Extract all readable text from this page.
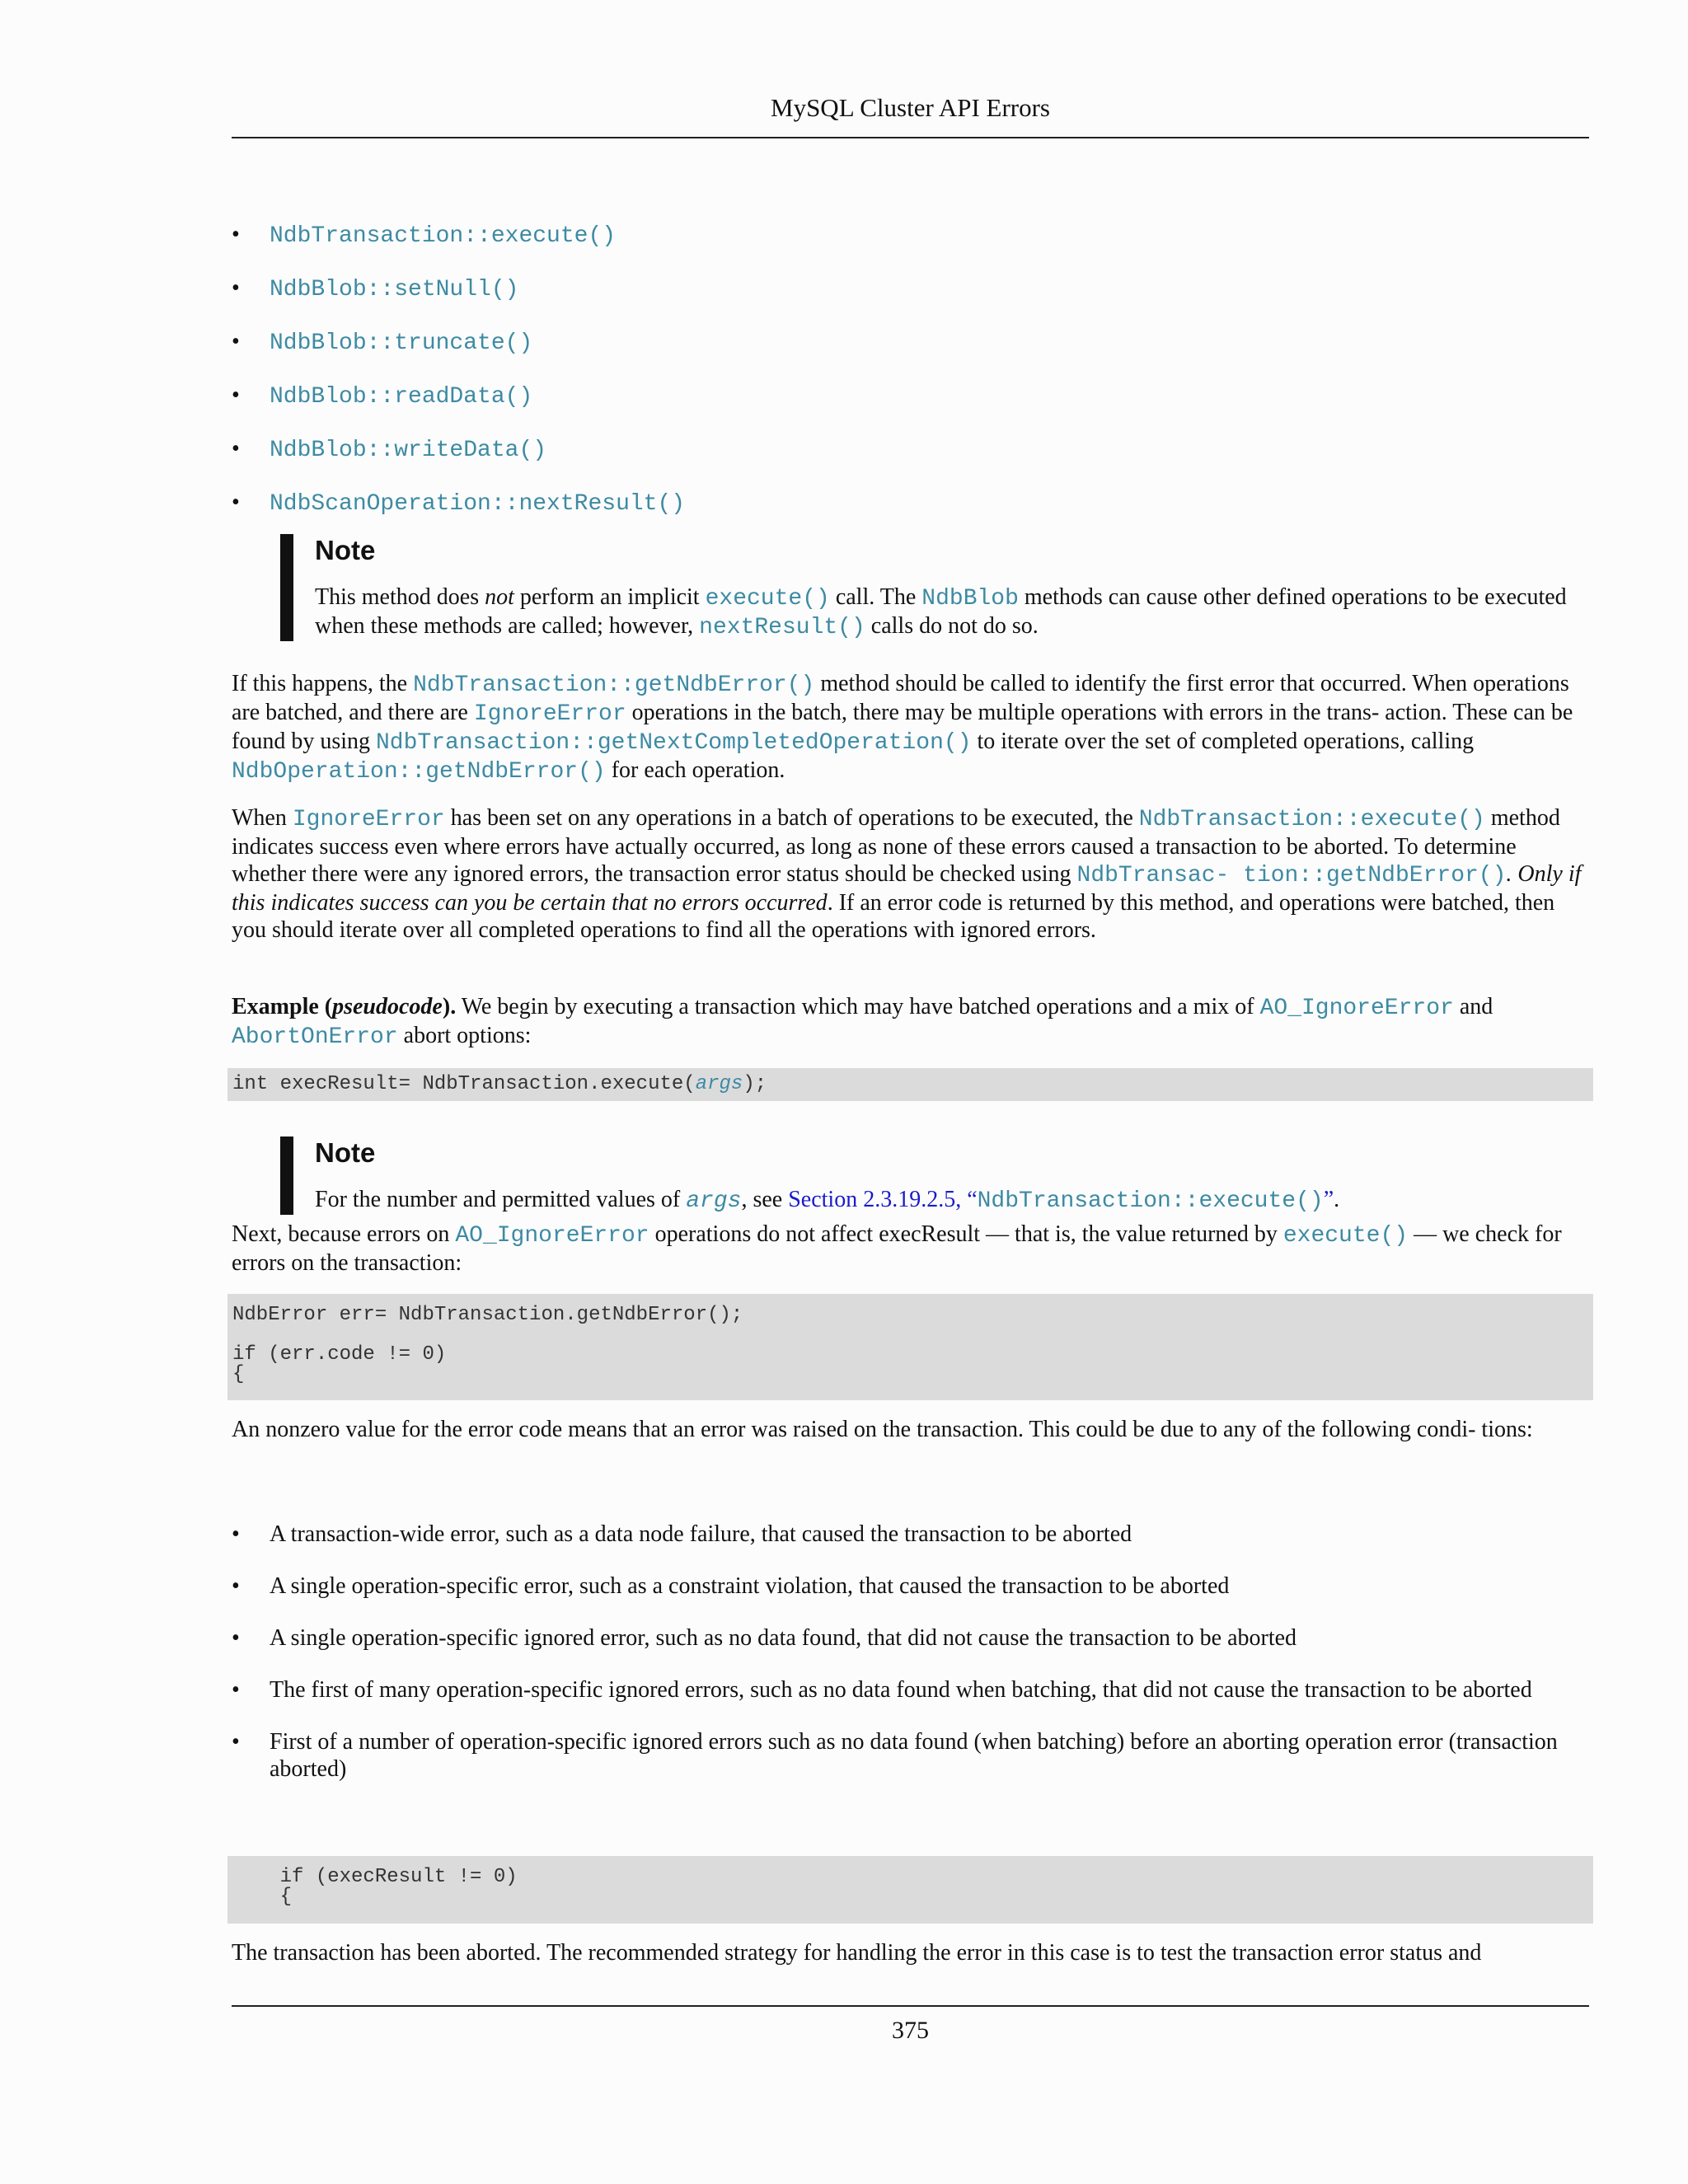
MySQL Cluster API Errors
• NdbTransaction::execute()
• NdbBlob::setNull()
• NdbBlob::truncate()
• NdbBlob::readData()
• NdbBlob::writeData()
• NdbScanOperation::nextResult()
Note
This method does not perform an implicit execute() call. The NdbBlob methods can cause other defined operations to be executed when these methods are called; however, nextResult() calls do not do so.

If this happens, the NdbTransaction::getNdbError() method should be called to identify the first error that occurred. When operations are batched, and there are IgnoreError operations in the batch, there may be multiple operations with errors in the trans- action. These can be found by using NdbTransaction::getNextCompletedOperation() to iterate over the set of completed operations, calling NdbOperation::getNdbError() for each operation.

When IgnoreError has been set on any operations in a batch of operations to be executed, the NdbTransaction::execute() method indicates success even where errors have actually occurred, as long as none of these errors caused a transaction to be aborted. To determine whether there were any ignored errors, the transaction error status should be checked using NdbTransac- tion::getNdbError(). Only if this indicates success can you be certain that no errors occurred. If an error code is returned by this method, and operations were batched, then you should iterate over all completed operations to find all the operations with ignored errors.

Example (pseudocode). We begin by executing a transaction which may have batched operations and a mix of AO_IgnoreError and AbortOnError abort options:

int execResult= NdbTransaction.execute(args);
Note
For the number and permitted values of args, see Section 2.3.19.2.5, “NdbTransaction::execute()”.

Next, because errors on AO_IgnoreError operations do not affect execResult — that is, the value returned by execute() — we check for errors on the transaction:

NdbError err= NdbTransaction.getNdbError();

if (err.code != 0)
{

An nonzero value for the error code means that an error was raised on the transaction. This could be due to any of the following condi- tions:

• A transaction-wide error, such as a data node failure, that caused the transaction to be aborted
• A single operation-specific error, such as a constraint violation, that caused the transaction to be aborted
• A single operation-specific ignored error, such as no data found, that did not cause the transaction to be aborted
• The first of many operation-specific ignored errors, such as no data found when batching, that did not cause the transaction to be aborted
• First of a number of operation-specific ignored errors such as no data found (when batching) before an aborting operation error (transaction aborted)
if (execResult != 0)
{

The transaction has been aborted. The recommended strategy for handling the error in this case is to test the transaction error status and

375
